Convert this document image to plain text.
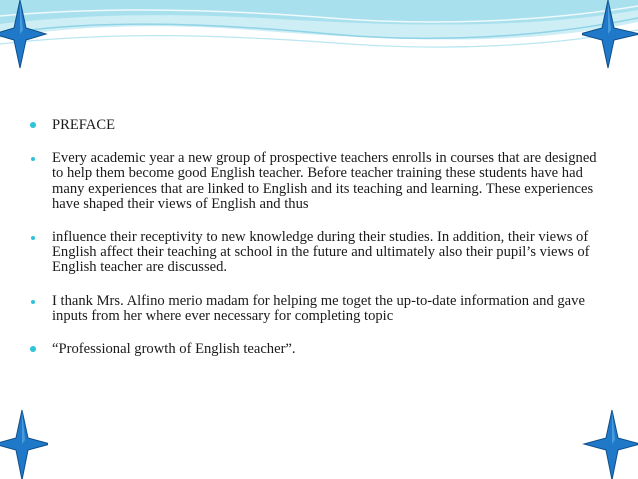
PREFACE
Every academic year a new group of prospective teachers enrolls in courses that are designed to help them become good English teacher. Before teacher training these students have had many experiences that are linked to English and its teaching and learning. These experiences have shaped their views of English and thus
influence their receptivity to new knowledge during their studies. In addition, their views of English affect their teaching at school in the future and ultimately also their pupil’s views of English teacher are discussed.
I thank Mrs. Alfino merio madam for helping me toget the up-to-date information and gave inputs from her where ever necessary for completing topic
“Professional growth of English teacher”.
